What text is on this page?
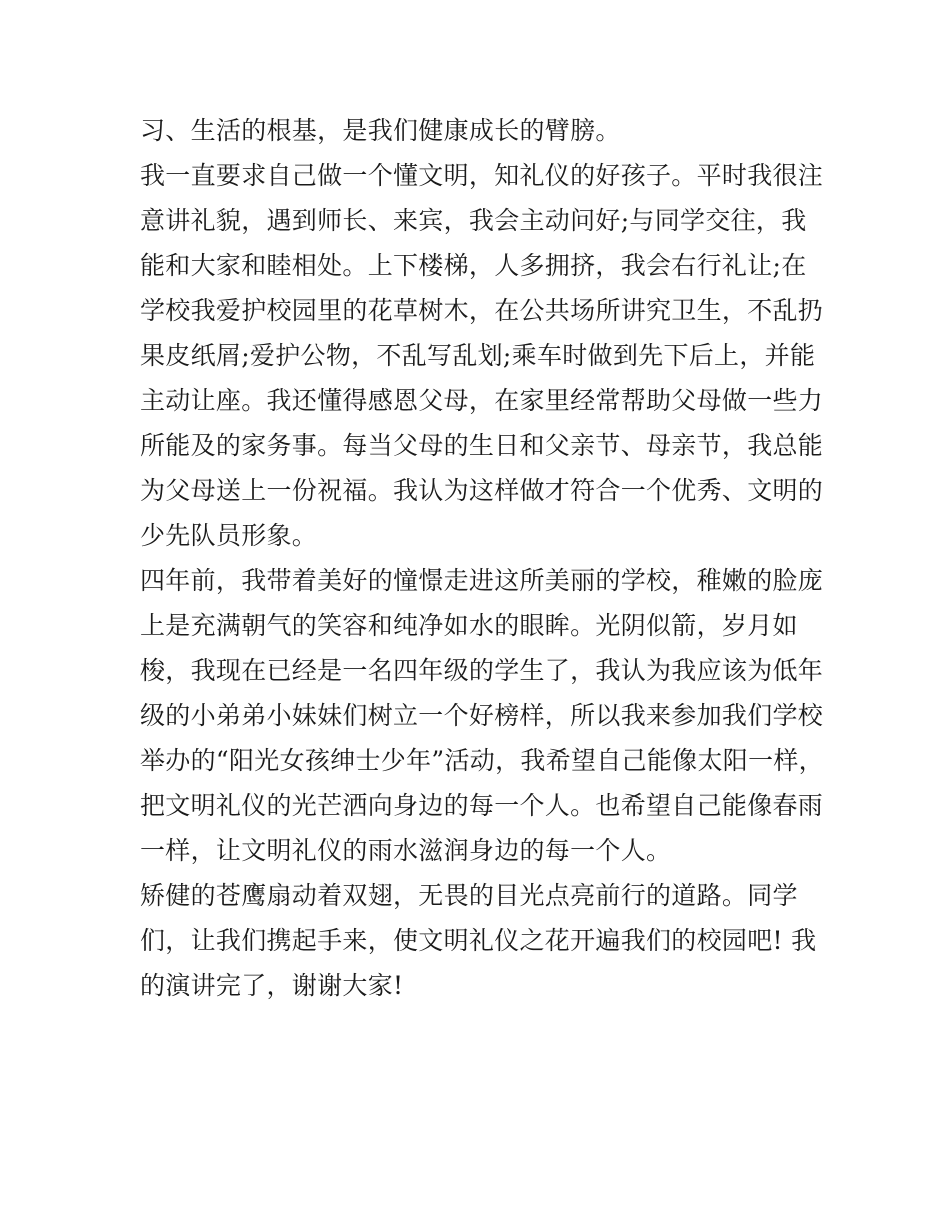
习、生活的根基，是我们健康成长的臂膀。
我一直要求自己做一个懂文明，知礼仪的好孩子。平时我很注
意讲礼貌，遇到师长、来宾，我会主动问好;与同学交往，我
能和大家和睦相处。上下楼梯，人多拥挤，我会右行礼让;在
学校我爱护校园里的花草树木，在公共场所讲究卫生，不乱扔
果皮纸屑;爱护公物，不乱写乱划;乘车时做到先下后上，并能
主动让座。我还懂得感恩父母，在家里经常帮助父母做一些力
所能及的家务事。每当父母的生日和父亲节、母亲节，我总能
为父母送上一份祝福。我认为这样做才符合一个优秀、文明的
少先队员形象。
四年前，我带着美好的憧憬走进这所美丽的学校，稚嫩的脸庞
上是充满朝气的笑容和纯净如水的眼眸。光阴似箭，岁月如
梭，我现在已经是一名四年级的学生了，我认为我应该为低年
级的小弟弟小妹妹们树立一个好榜样，所以我来参加我们学校
举办的“阳光女孩绅士少年”活动，我希望自己能像太阳一样，
把文明礼仪的光芒洒向身边的每一个人。也希望自己能像春雨
一样，让文明礼仪的雨水滋润身边的每一个人。
矫健的苍鹰扇动着双翅，无畏的目光点亮前行的道路。同学
们，让我们携起手来，使文明礼仪之花开遍我们的校园吧! 我
的演讲完了，谢谢大家!
